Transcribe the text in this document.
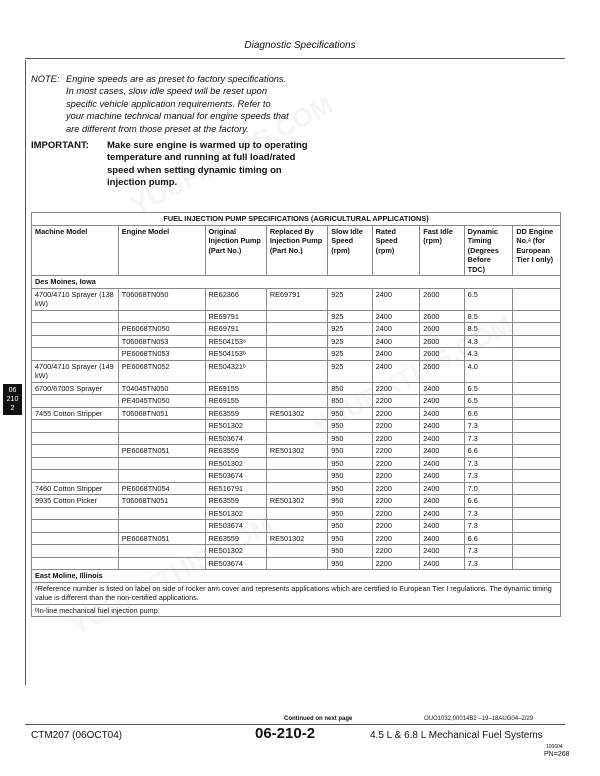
Diagnostic Specifications
NOTE: Engine speeds are as preset to factory specifications. In most cases, slow idle speed will be reset upon specific vehicle application requirements. Refer to your machine technical manual for engine speeds that are different from those preset at the factory.
IMPORTANT:	Make sure engine is warmed up to operating temperature and running at full load/rated speed when setting dynamic timing on injection pump.
FUEL INJECTION PUMP SPECIFICATIONS (AGRICULTURAL APPLICATIONS)								
Machine Model	Engine Model	Original Injection Pump (Part No.)	Replaced By Injection Pump (Part No.)	Slow Idle Speed (rpm)	Rated Speed (rpm)	Fast Idle (rpm)	Dynamic Timing (Degrees Before TDC)	DD Engine No.ᵃ (for European Tier I only)
Des Moines, Iowa								
4700/4710 Sprayer (138 kW)	T06068TN050	RE62366	RE69791	925	2400	2600	6.5	
		RE69791		925	2400	2600	8.5	
	PE6068TN050	RE69791		925	2400	2600	8.5	
	T06068TN053	RE504153ᵃ		925	2400	2600	4.3	
	PE6068TN053	RE504153ᵇ		925	2400	2600	4.3	
4700/4710 Sprayer (149 kW)	PE6068TN052	RE504321ᵇ		925	2400	2600	4.0	
6700/6700S Sprayer	T04045TN050	RE69155		850	2200	2400	6.5	
	PE4045TN050	RE69155		850	2200	2400	6.5	
7455 Cotton Stripper	T06068TN051	RE63559	RE501302	950	2200	2400	6.6	
		RE501302		950	2200	2400	7.3	
		RE503674		950	2200	2400	7.3	
	PE6068TN051	RE63559	RE501302	950	2200	2400	6.6	
		RE501302		950	2200	2400	7.3	
		RE503674		950	2200	2400	7.3	
7460 Cotton Stripper	PE6068TN054	RE516791		950	2200	2400	7.0	
9935 Cotton Picker	T06068TN051	RE63559	RE501302	950	2200	2400	6.6	
		RE501302		950	2200	2400	7.3	
		RE503674		950	2200	2400	7.3	
	PE6068TN051	RE63559	RE501302	950	2200	2400	6.6	
		RE501302		950	2200	2400	7.3	
		RE503674		950	2200	2400	7.3	
East Moline, Illinois								
ᵃReference number is listed on label on side of rocker arm cover and represents applications which are certified to European Tier I regulations. The dynamic timing value is different than the non-certified applications.								
ᵇIn-line mechanical fuel injection pump.								
06
210
2
Continued on next page	OUO1032,00014B2 –19–18AUG04–2/29
CTM207 (06OCT04)	06-210-2	4.5 L & 6.8 L Mechanical Fuel Systems
100604
PN=268
